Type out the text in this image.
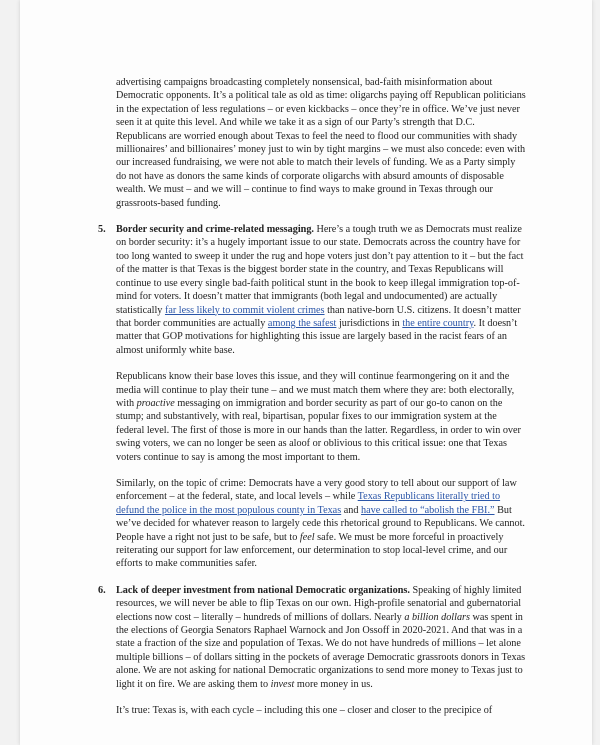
advertising campaigns broadcasting completely nonsensical, bad-faith misinformation about Democratic opponents. It’s a political tale as old as time: oligarchs paying off Republican politicians in the expectation of less regulations – or even kickbacks – once they’re in office. We’ve just never seen it at quite this level. And while we take it as a sign of our Party’s strength that D.C. Republicans are worried enough about Texas to feel the need to flood our communities with shady millionaires’ and billionaires’ money just to win by tight margins – we must also concede: even with our increased fundraising, we were not able to match their levels of funding. We as a Party simply do not have as donors the same kinds of corporate oligarchs with absurd amounts of disposable wealth. We must – and we will – continue to find ways to make ground in Texas through our grassroots-based funding.

5. Border security and crime-related messaging. Here’s a tough truth we as Democrats must realize on border security: it’s a hugely important issue to our state. Democrats across the country have for too long wanted to sweep it under the rug and hope voters just don’t pay attention to it – but the fact of the matter is that Texas is the biggest border state in the country, and Texas Republicans will continue to use every single bad-faith political stunt in the book to keep illegal immigration top-of-mind for voters. It doesn’t matter that immigrants (both legal and undocumented) are actually statistically far less likely to commit violent crimes than native-born U.S. citizens. It doesn’t matter that border communities are actually among the safest jurisdictions in the entire country. It doesn’t matter that GOP motivations for highlighting this issue are largely based in the racist fears of an almost uniformly white base.

Republicans know their base loves this issue, and they will continue fearmongering on it and the media will continue to play their tune – and we must match them where they are: both electorally, with proactive messaging on immigration and border security as part of our go-to canon on the stump; and substantively, with real, bipartisan, popular fixes to our immigration system at the federal level. The first of those is more in our hands than the latter. Regardless, in order to win over swing voters, we can no longer be seen as aloof or oblivious to this critical issue: one that Texas voters continue to say is among the most important to them.

Similarly, on the topic of crime: Democrats have a very good story to tell about our support of law enforcement – at the federal, state, and local levels – while Texas Republicans literally tried to defund the police in the most populous county in Texas and have called to “abolish the FBI.” But we’ve decided for whatever reason to largely cede this rhetorical ground to Republicans. We cannot. People have a right not just to be safe, but to feel safe. We must be more forceful in proactively reiterating our support for law enforcement, our determination to stop local-level crime, and our efforts to make communities safer.

6. Lack of deeper investment from national Democratic organizations. Speaking of highly limited resources, we will never be able to flip Texas on our own. High-profile senatorial and gubernatorial elections now cost – literally – hundreds of millions of dollars. Nearly a billion dollars was spent in the elections of Georgia Senators Raphael Warnock and Jon Ossoff in 2020-2021. And that was in a state a fraction of the size and population of Texas. We do not have hundreds of millions – let alone multiple billions – of dollars sitting in the pockets of average Democratic grassroots donors in Texas alone. We are not asking for national Democratic organizations to send more money to Texas just to light it on fire. We are asking them to invest more money in us.

It’s true: Texas is, with each cycle – including this one – closer and closer to the precipice of
